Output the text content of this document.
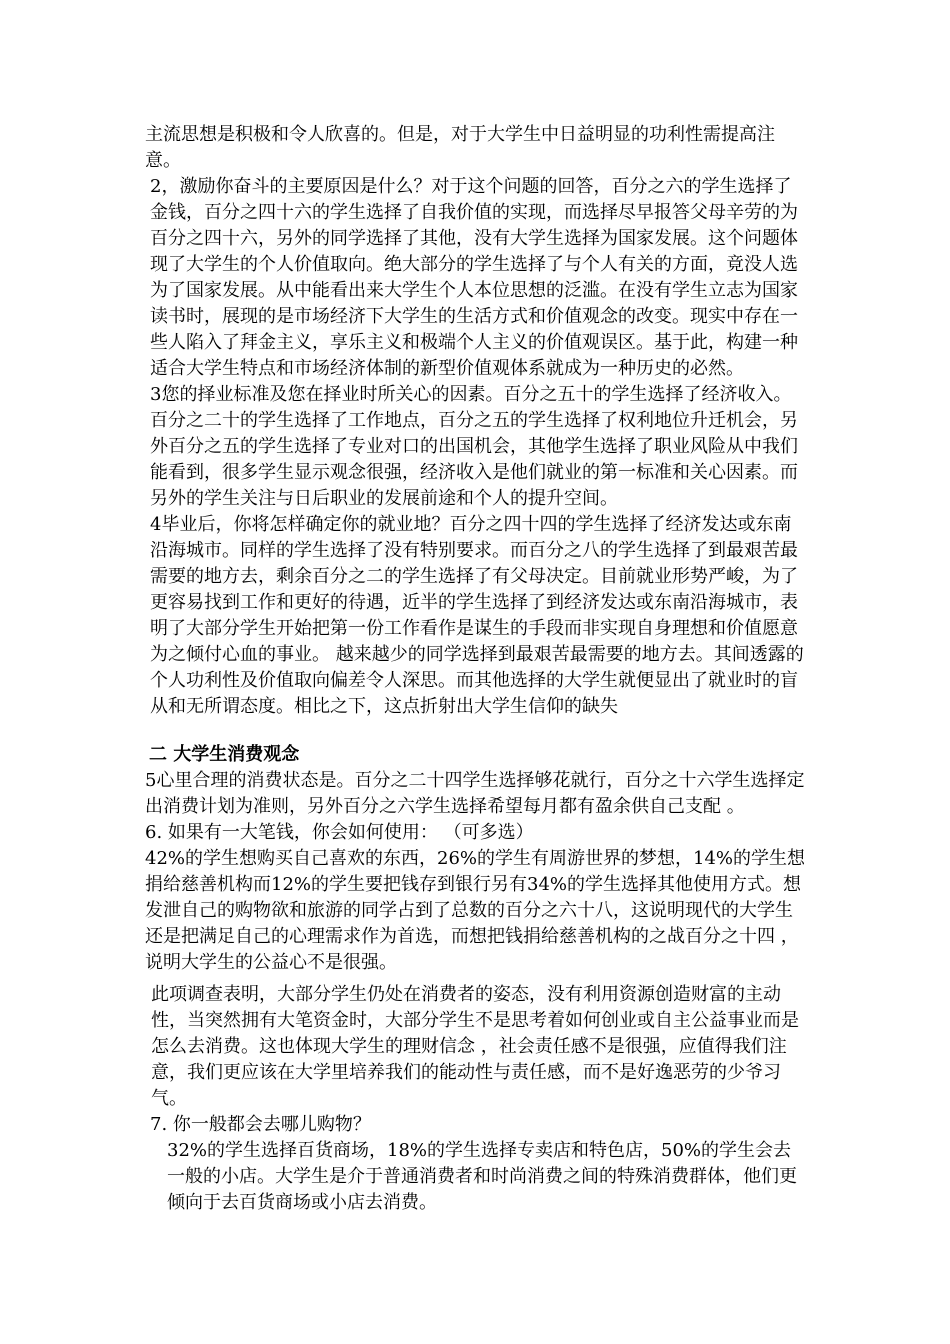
主流思想是积极和令人欣喜的。但是，对于大学生中日益明显的功利性需提高注意。

2，激励你奋斗的主要原因是什么？对于这个问题的回答，百分之六的学生选择了金钱，百分之四十六的学生选择了自我价值的实现，而选择尽早报答父母辛劳的为百分之四十六，另外的同学选择了其他，没有大学生选择为国家发展。这个问题体现了大学生的个人价值取向。绝大部分的学生选择了与个人有关的方面，竟没人选为了国家发展。从中能看出来大学生个人本位思想的泛滥。在没有学生立志为国家读书时，展现的是市场经济下大学生的生活方式和价值观念的改变。现实中存在一些人陷入了拜金主义，享乐主义和极端个人主义的价值观误区。基于此，构建一种适合大学生特点和市场经济体制的新型价值观体系就成为一种历史的必然。

3您的择业标准及您在择业时所关心的因素。百分之五十的学生选择了经济收入。百分之二十的学生选择了工作地点，百分之五的学生选择了权利地位升迁机会，另外百分之五的学生选择了专业对口的出国机会，其他学生选择了职业风险从中我们能看到，很多学生显示观念很强，经济收入是他们就业的第一标准和关心因素。而另外的学生关注与日后职业的发展前途和个人的提升空间。

4毕业后，你将怎样确定你的就业地？百分之四十四的学生选择了经济发达或东南沿海城市。同样的学生选择了没有特别要求。而百分之八的学生选择了到最艰苦最需要的地方去，剩余百分之二的学生选择了有父母决定。目前就业形势严峻，为了更容易找到工作和更好的待遇，近半的学生选择了到经济发达或东南沿海城市，表明了大部分学生开始把第一份工作看作是谋生的手段而非实现自身理想和价值愿意为之倾付心血的事业。 越来越少的同学选择到最艰苦最需要的地方去。其间透露的个人功利性及价值取向偏差令人深思。而其他选择的大学生就便显出了就业时的盲从和无所谓态度。相比之下，这点折射出大学生信仰的缺失

二 大学生消费观念

5心里合理的消费状态是。百分之二十四学生选择够花就行，百分之十六学生选择定出消费计划为准则，另外百分之六学生选择希望每月都有盈余供自己支配 。

6. 如果有一大笔钱，你会如何使用： （可多选）

42%的学生想购买自己喜欢的东西，26%的学生有周游世界的梦想，14%的学生想捐给慈善机构而12%的学生要把钱存到银行另有34%的学生选择其他使用方式。想发泄自己的购物欲和旅游的同学占到了总数的百分之六十八，这说明现代的大学生还是把满足自己的心理需求作为首选，而想把钱捐给慈善机构的之战百分之十四 ，说明大学生的公益心不是很强。

此项调查表明，大部分学生仍处在消费者的姿态，没有利用资源创造财富的主动性，当突然拥有大笔资金时，大部分学生不是思考着如何创业或自主公益事业而是怎么去消费。这也体现大学生的理财信念 ，社会责任感不是很强，应值得我们注意，我们更应该在大学里培养我们的能动性与责任感，而不是好逸恶劳的少爷习气。

7. 你一般都会去哪儿购物？

32%的学生选择百货商场，18%的学生选择专卖店和特色店，50%的学生会去一般的小店。大学生是介于普通消费者和时尚消费之间的特殊消费群体，他们更倾向于去百货商场或小店去消费。
